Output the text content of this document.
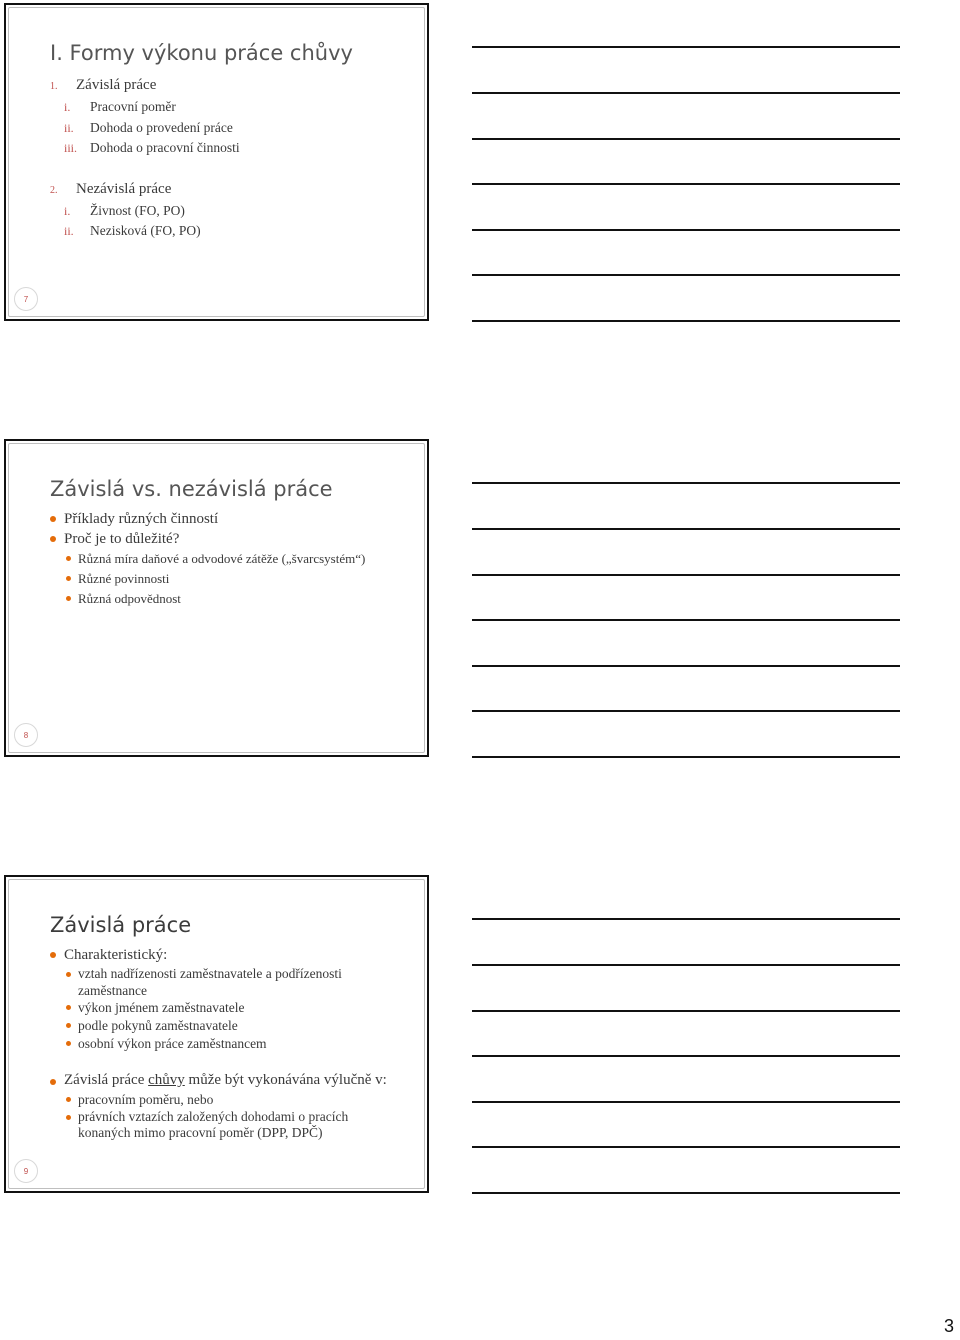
I. Formy výkonu práce chůvy
1. Závislá práce
i. Pracovní poměr
ii. Dohoda o provedení práce
iii. Dohoda o pracovní činnosti
2. Nezávislá práce
i. Živnost (FO, PO)
ii. Nezisková (FO, PO)
7
Závislá vs. nezávislá práce
Příklady různých činností
Proč je to důležité?
Různá míra daňové a odvodové zátěže („švarcsystém“)
Různé povinnosti
Různá odpovědnost
8
Závislá práce
Charakteristický:
vztah nadřízenosti zaměstnavatele a podřízenosti zaměstnance
výkon jménem zaměstnavatele
podle pokynů zaměstnavatele
osobní výkon práce zaměstnancem
Závislá práce chůvy může být vykonávána výlučně v:
pracovním poměru, nebo
právních vztazích založených dohodami o pracích konaných mimo pracovní poměr (DPP, DPČ)
9
3
